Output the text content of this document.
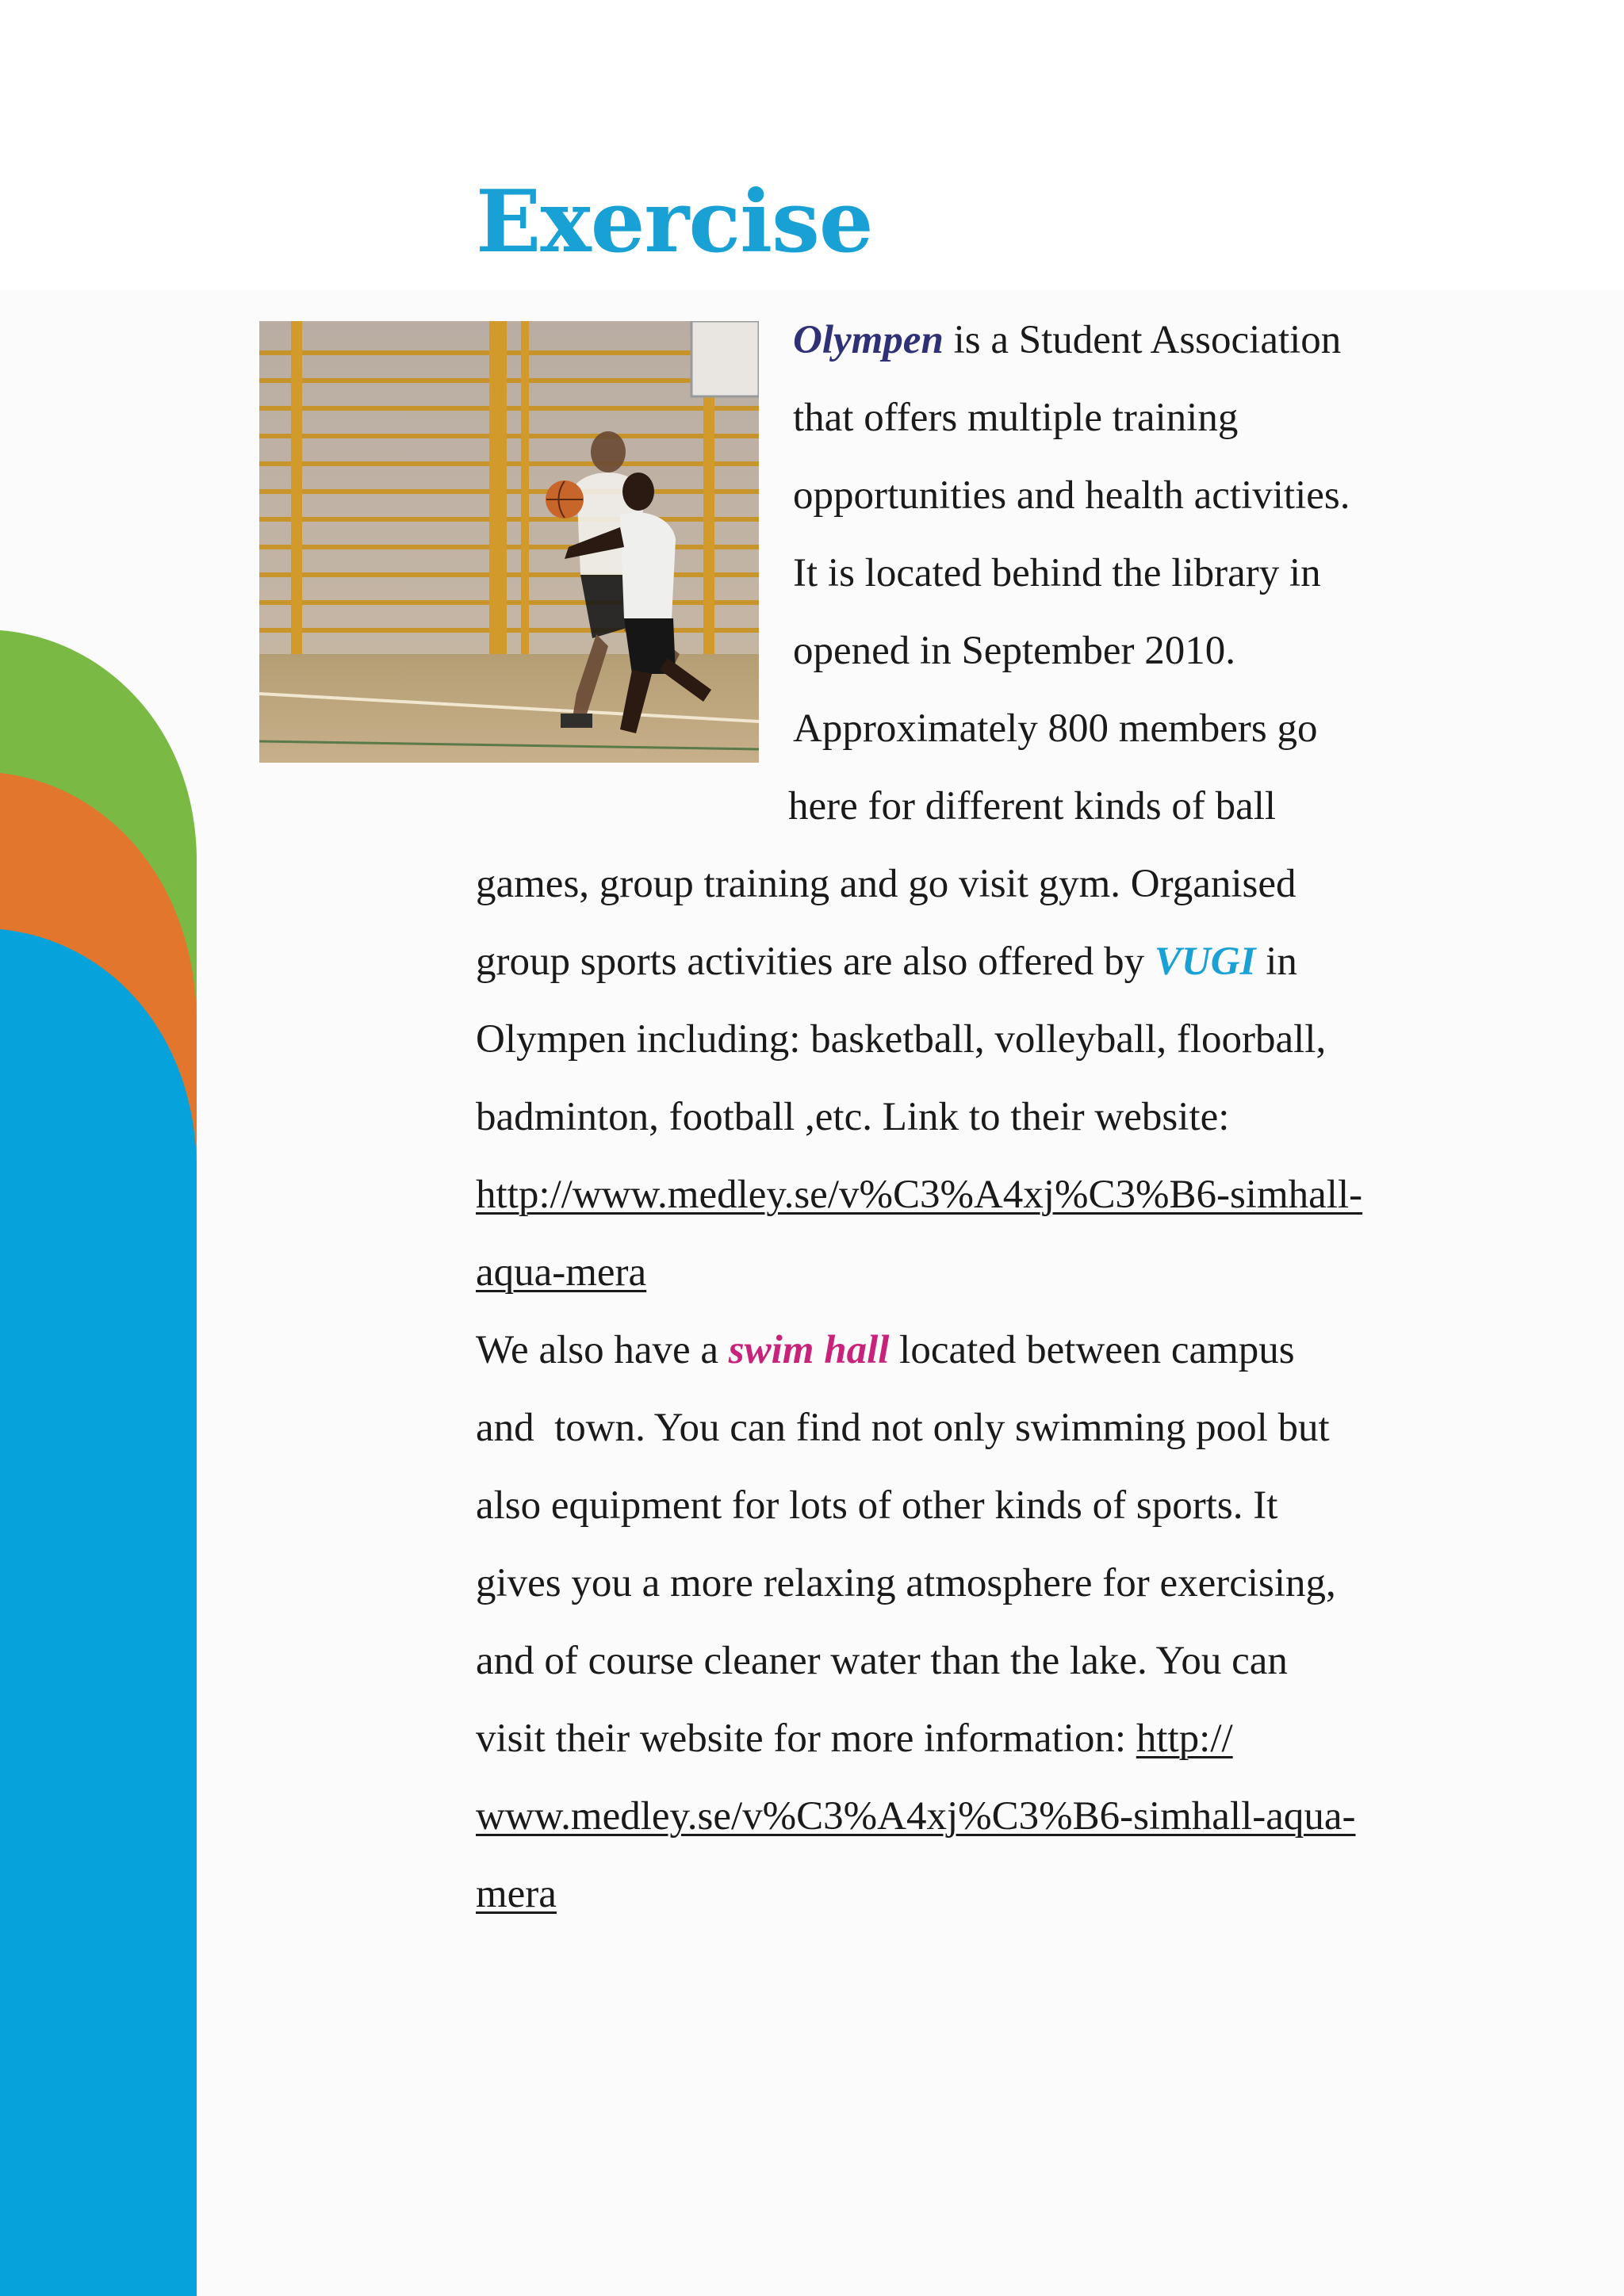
Exercise
Olympen is a Student Association
that offers multiple training
opportunities and health activities.
It is located behind the library in
opened in September 2010.
Approximately 800 members go
here for different kinds of ball
games, group training and go visit gym. Organised
group sports activities are also offered by VUGI in
Olympen including: basketball, volleyball, floorball,
badminton, football ,etc. Link to their website:
http://www.medley.se/v%C3%A4xj%C3%B6-simhall-
aqua-mera
We also have a swim hall located between campus
and  town. You can find not only swimming pool but
also equipment for lots of other kinds of sports. It
gives you a more relaxing atmosphere for exercising,
and of course cleaner water than the lake. You can
visit their website for more information: http://
www.medley.se/v%C3%A4xj%C3%B6-simhall-aqua-
mera
